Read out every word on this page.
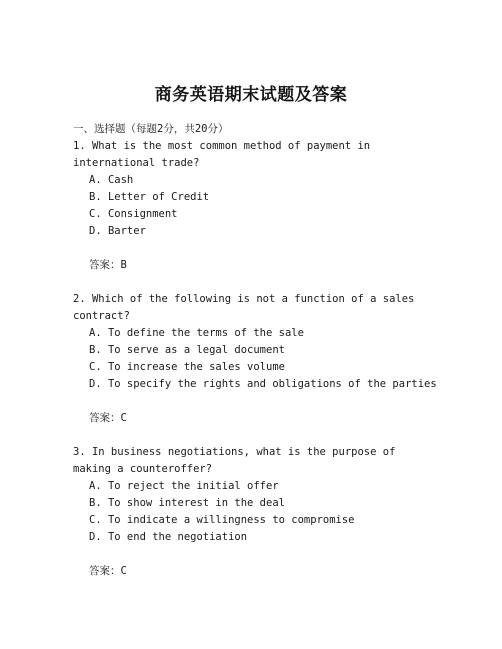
商务英语期末试题及答案
一、选择题（每题2分，共20分）
1. What is the most common method of payment in international trade?
A. Cash
B. Letter of Credit
C. Consignment
D. Barter
答案：B
2. Which of the following is not a function of a sales contract?
A. To define the terms of the sale
B. To serve as a legal document
C. To increase the sales volume
D. To specify the rights and obligations of the parties
答案：C
3. In business negotiations, what is the purpose of making a counteroffer?
A. To reject the initial offer
B. To show interest in the deal
C. To indicate a willingness to compromise
D. To end the negotiation
答案：C
